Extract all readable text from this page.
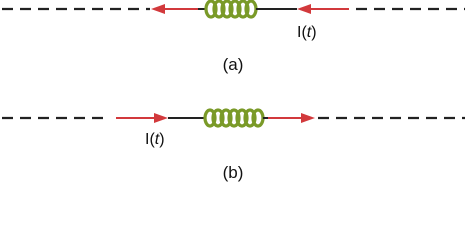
I(t)
(a)
I(t)
(b)
